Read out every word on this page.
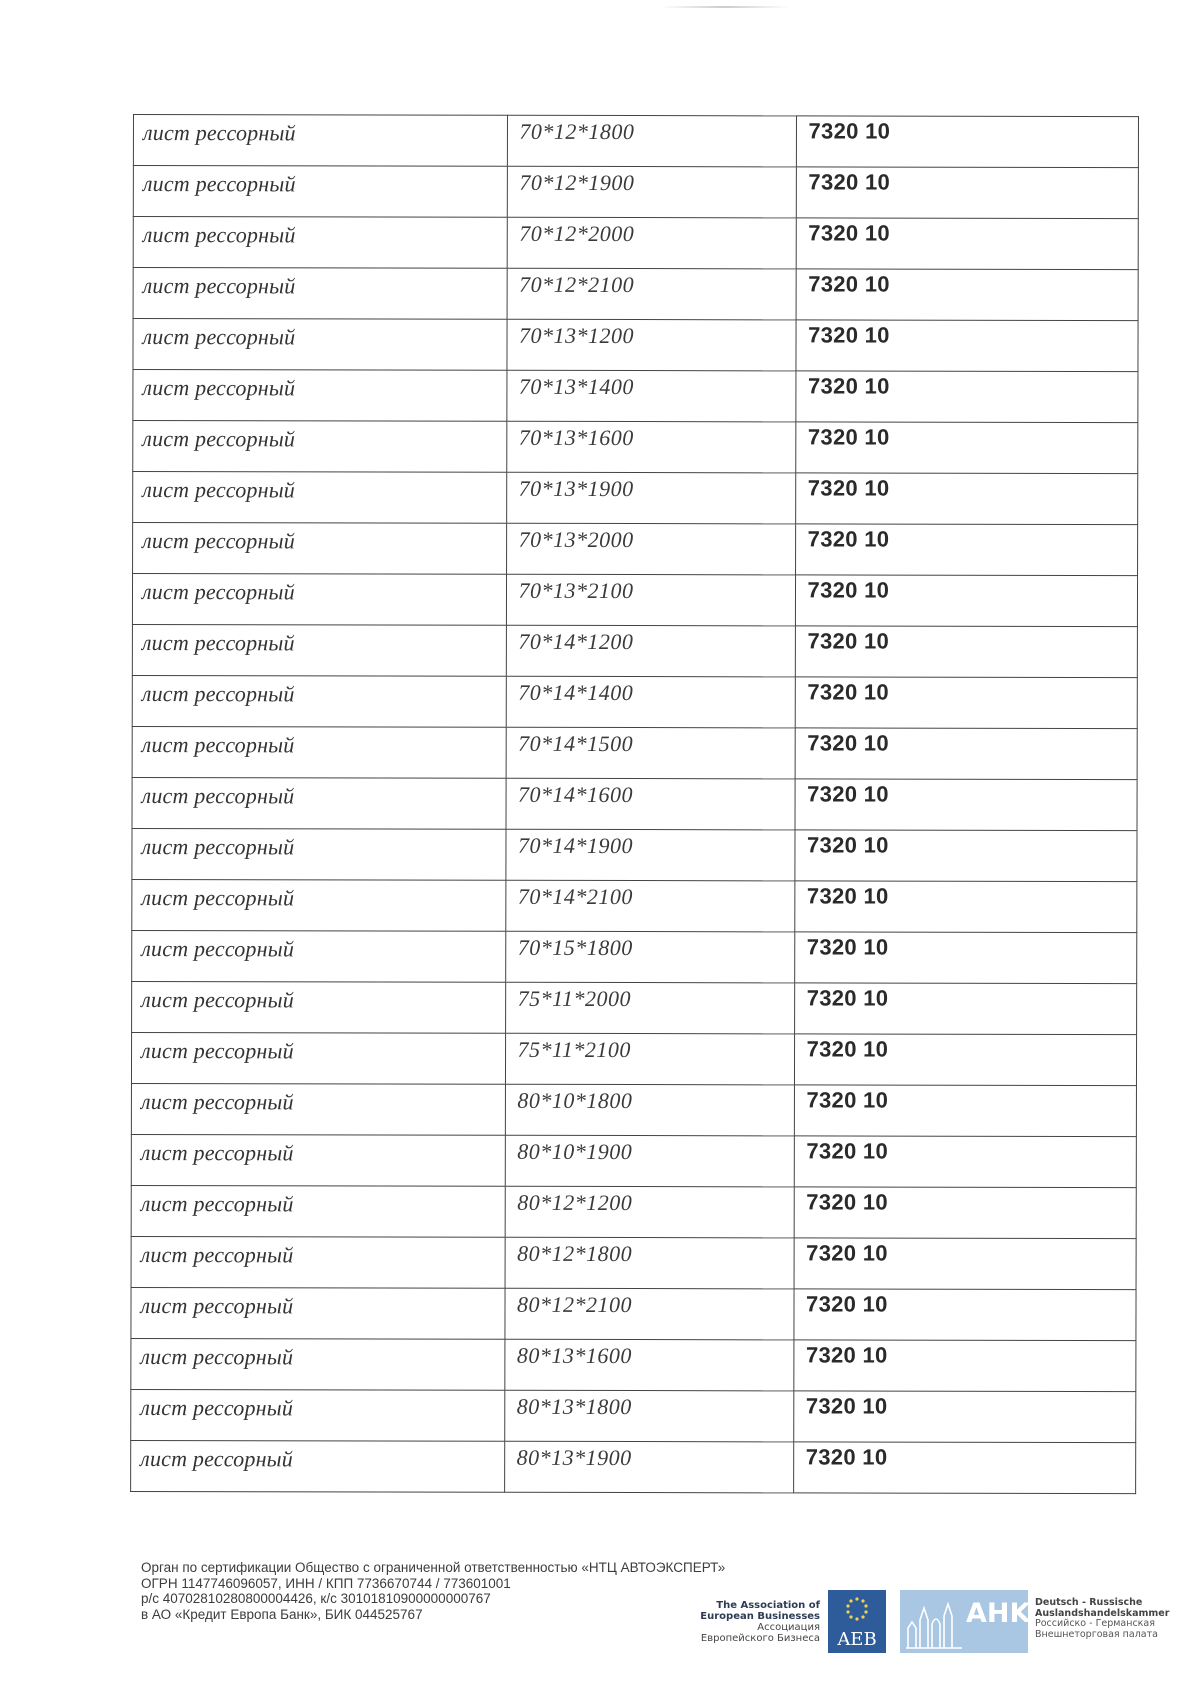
лист рессорный	70*12*1800	7320 10

лист рессорный	70*12*1900	7320 10

лист рессорный	70*12*2000	7320 10

лист рессорный	70*12*2100	7320 10

лист рессорный	70*13*1200	7320 10

лист рессорный	70*13*1400	7320 10

лист рессорный	70*13*1600	7320 10

лист рессорный	70*13*1900	7320 10

лист рессорный	70*13*2000	7320 10

лист рессорный	70*13*2100	7320 10

лист рессорный	70*14*1200	7320 10

лист рессорный	70*14*1400	7320 10

лист рессорный	70*14*1500	7320 10

лист рессорный	70*14*1600	7320 10

лист рессорный	70*14*1900	7320 10

лист рессорный	70*14*2100	7320 10

лист рессорный	70*15*1800	7320 10

лист рессорный	75*11*2000	7320 10

лист рессорный	75*11*2100	7320 10

лист рессорный	80*10*1800	7320 10

лист рессорный	80*10*1900	7320 10

лист рессорный	80*12*1200	7320 10

лист рессорный	80*12*1800	7320 10

лист рессорный	80*12*2100	7320 10

лист рессорный	80*13*1600	7320 10

лист рессорный	80*13*1800	7320 10

лист рессорный	80*13*1900	7320 10
Орган по сертификации Общество с ограниченной ответственностью «НТЦ АВТОЭКСПЕРТ»
ОГРН 1147746096057, ИНН / КПП 7736670744 / 773601001
р/с 40702810280800004426, к/с 30101810900000000767
в АО «Кредит Европа Банк», БИК 044525767
The Association of
European Businesses
Ассоциация
Европейского Бизнеса AEB
AHK Deutsch - Russische
Auslandshandelskammer
Российско - Германская
Внешнеторговая палата
